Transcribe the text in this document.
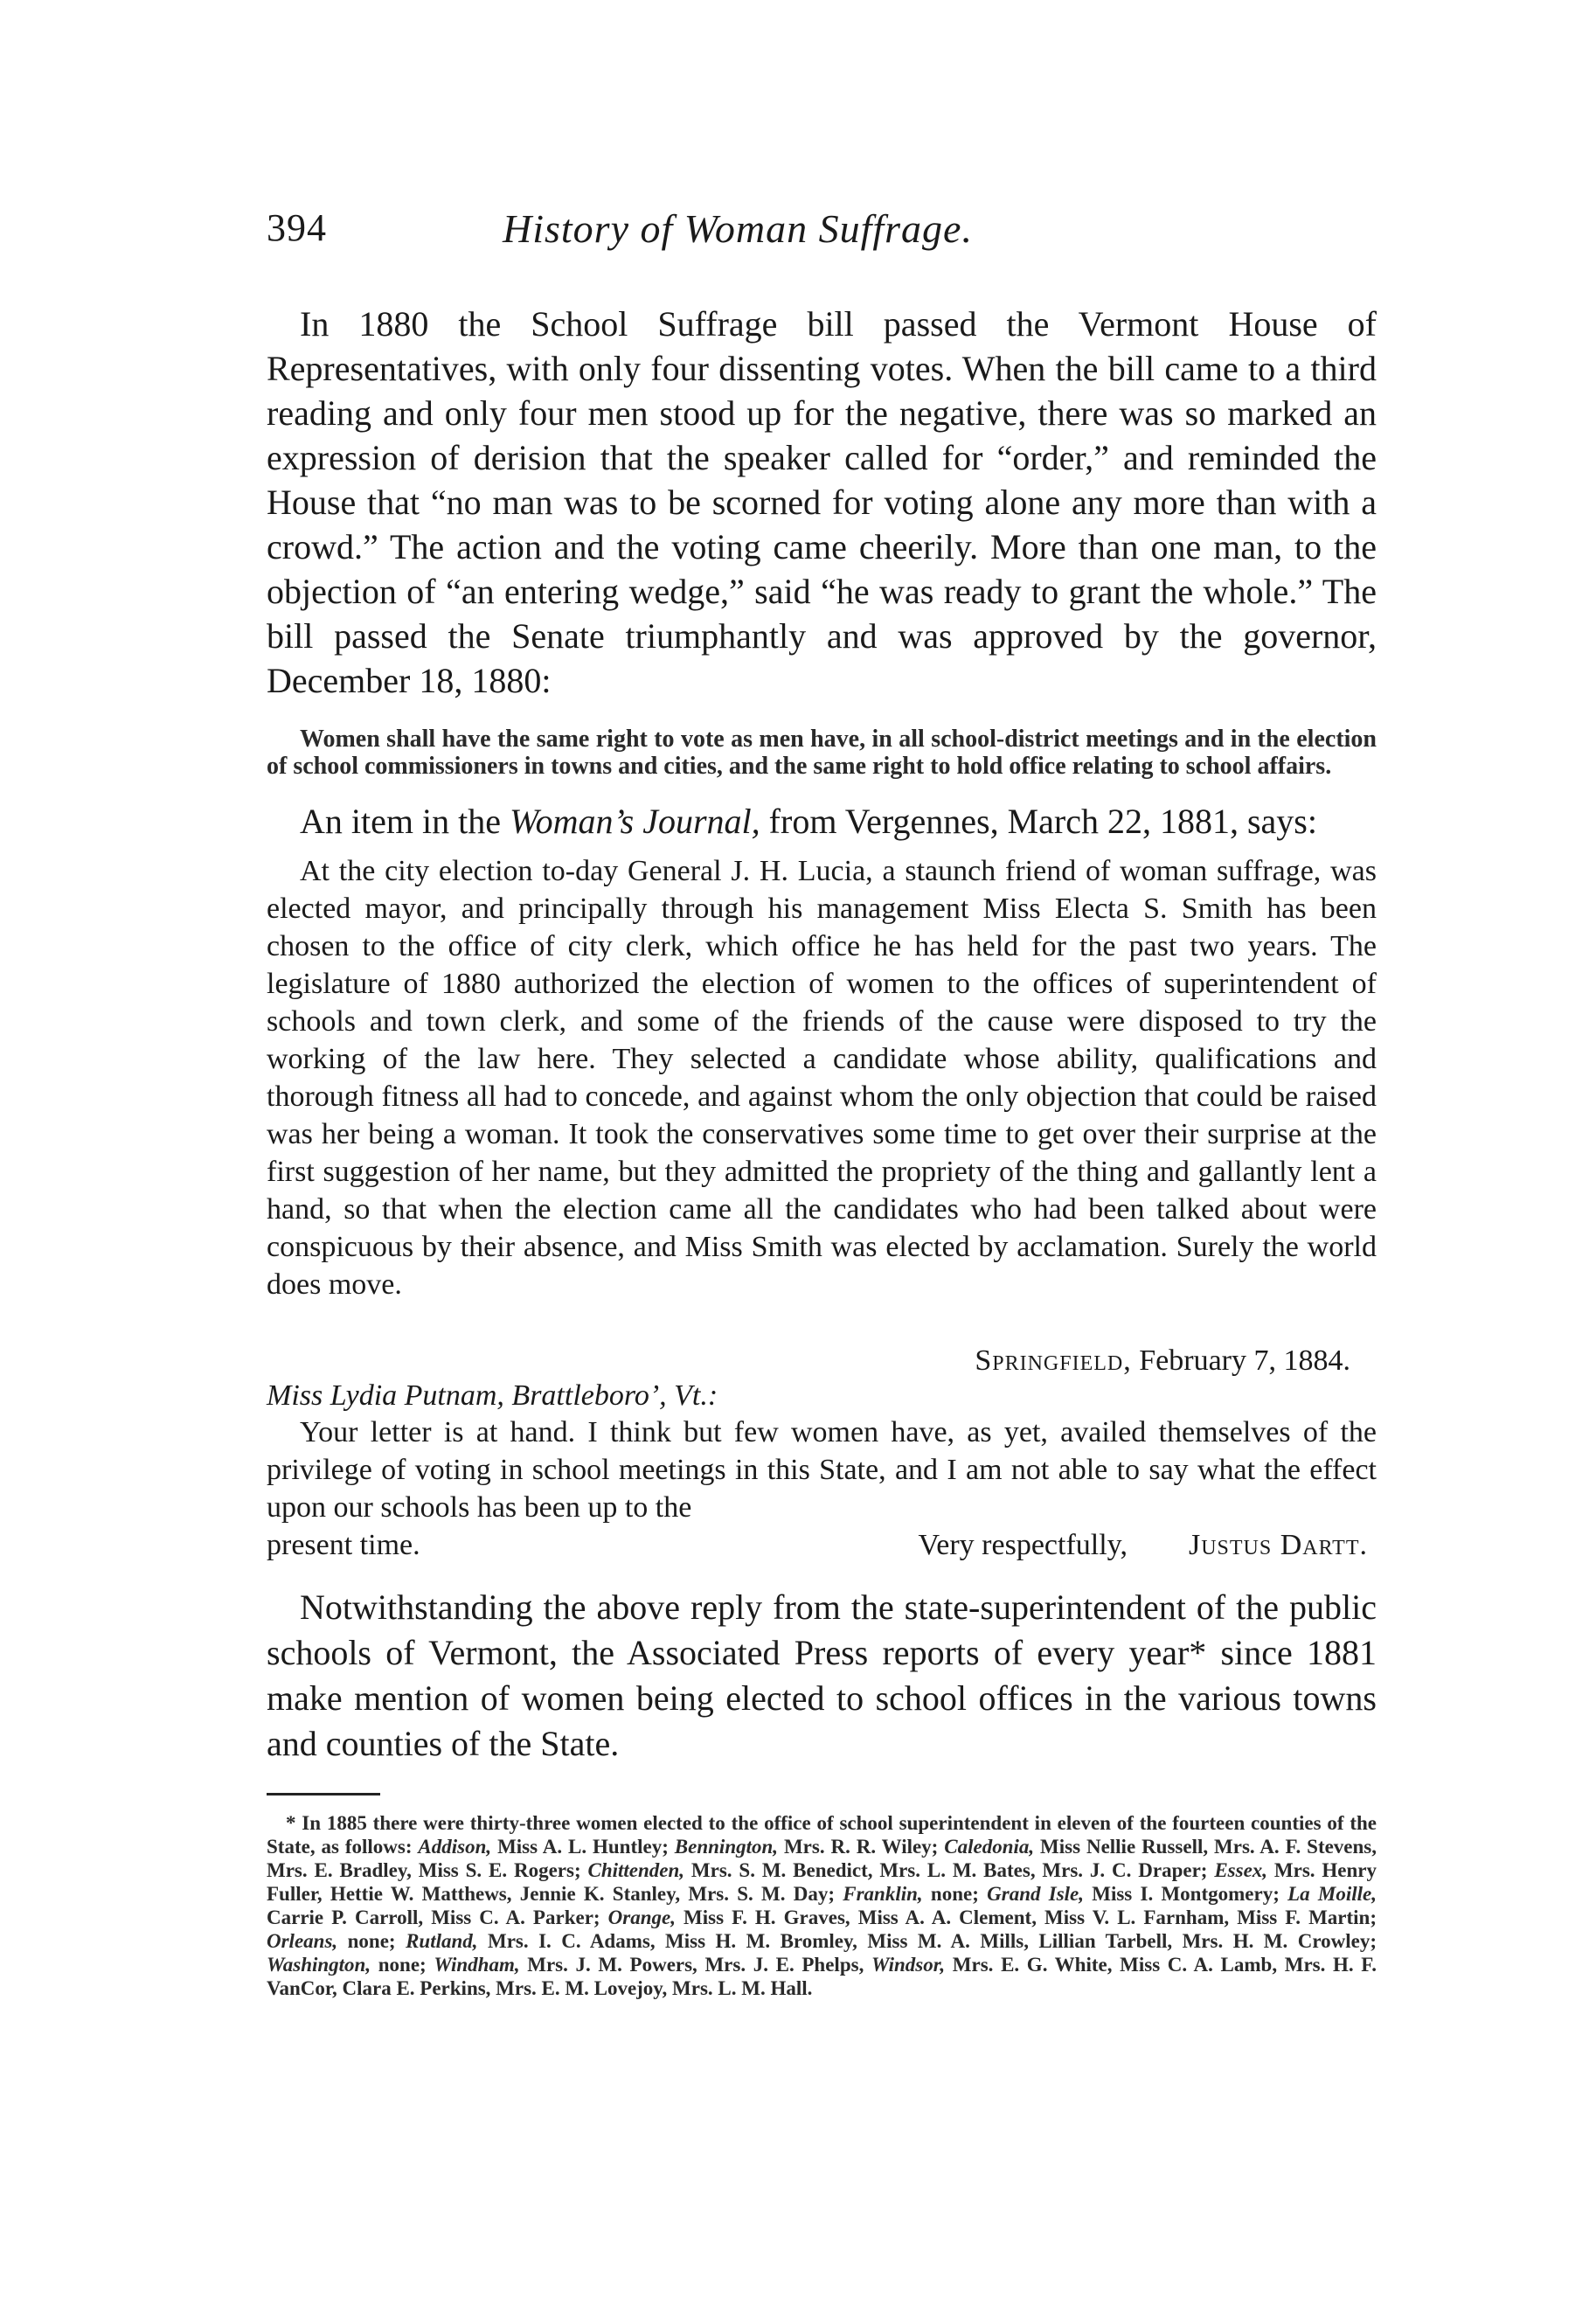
394	History of Woman Suffrage.

In 1880 the School Suffrage bill passed the Vermont House of Representatives, with only four dissenting votes. When the bill came to a third reading and only four men stood up for the negative, there was so marked an expression of derision that the speaker called for “order,” and reminded the House that “no man was to be scorned for voting alone any more than with a crowd.” The action and the voting came cheerily. More than one man, to the objection of “an entering wedge,” said “he was ready to grant the whole.” The bill passed the Senate triumphantly and was approved by the governor, December 18, 1880:

Women shall have the same right to vote as men have, in all school-district meetings and in the election of school commissioners in towns and cities, and the same right to hold office relating to school affairs.

An item in the Woman’s Journal, from Vergennes, March 22, 1881, says:

At the city election to-day General J. H. Lucia, a staunch friend of woman suffrage, was elected mayor, and principally through his management Miss Electa S. Smith has been chosen to the office of city clerk, which office he has held for the past two years. The legislature of 1880 authorized the election of women to the offices of superintendent of schools and town clerk, and some of the friends of the cause were disposed to try the working of the law here. They selected a candidate whose ability, qualifications and thorough fitness all had to concede, and against whom the only objection that could be raised was her being a woman. It took the conservatives some time to get over their surprise at the first suggestion of her name, but they admitted the propriety of the thing and gallantly lent a hand, so that when the election came all the candidates who had been talked about were conspicuous by their absence, and Miss Smith was elected by acclamation. Surely the world does move.

Springfield, February 7, 1884.

Miss Lydia Putnam, Brattleboro’, Vt.:

Your letter is at hand. I think but few women have, as yet, availed themselves of the privilege of voting in school meetings in this State, and I am not able to say what the effect upon our schools has been up to the

present time.	Very respectfully, Justus Dartt.

Notwithstanding the above reply from the state-superintendent of the public schools of Vermont, the Associated Press reports of every year* since 1881 make mention of women being elected to school offices in the various towns and counties of the State.

* In 1885 there were thirty-three women elected to the office of school superintendent in eleven of the fourteen counties of the State, as follows: Addison, Miss A. L. Huntley; Bennington, Mrs. R. R. Wiley; Caledonia, Miss Nellie Russell, Mrs. A. F. Stevens, Mrs. E. Bradley, Miss S. E. Rogers; Chittenden, Mrs. S. M. Benedict, Mrs. L. M. Bates, Mrs. J. C. Draper; Essex, Mrs. Henry Fuller, Hettie W. Matthews, Jennie K. Stanley, Mrs. S. M. Day; Franklin, none; Grand Isle, Miss I. Montgomery; La Moille, Carrie P. Carroll, Miss C. A. Parker; Orange, Miss F. H. Graves, Miss A. A. Clement, Miss V. L. Farnham, Miss F. Martin; Orleans, none; Rutland, Mrs. I. C. Adams, Miss H. M. Bromley, Miss M. A. Mills, Lillian Tarbell, Mrs. H. M. Crowley; Washington, none; Windham, Mrs. J. M. Powers, Mrs. J. E. Phelps, Windsor, Mrs. E. G. White, Miss C. A. Lamb, Mrs. H. F. VanCor, Clara E. Perkins, Mrs. E. M. Lovejoy, Mrs. L. M. Hall.
